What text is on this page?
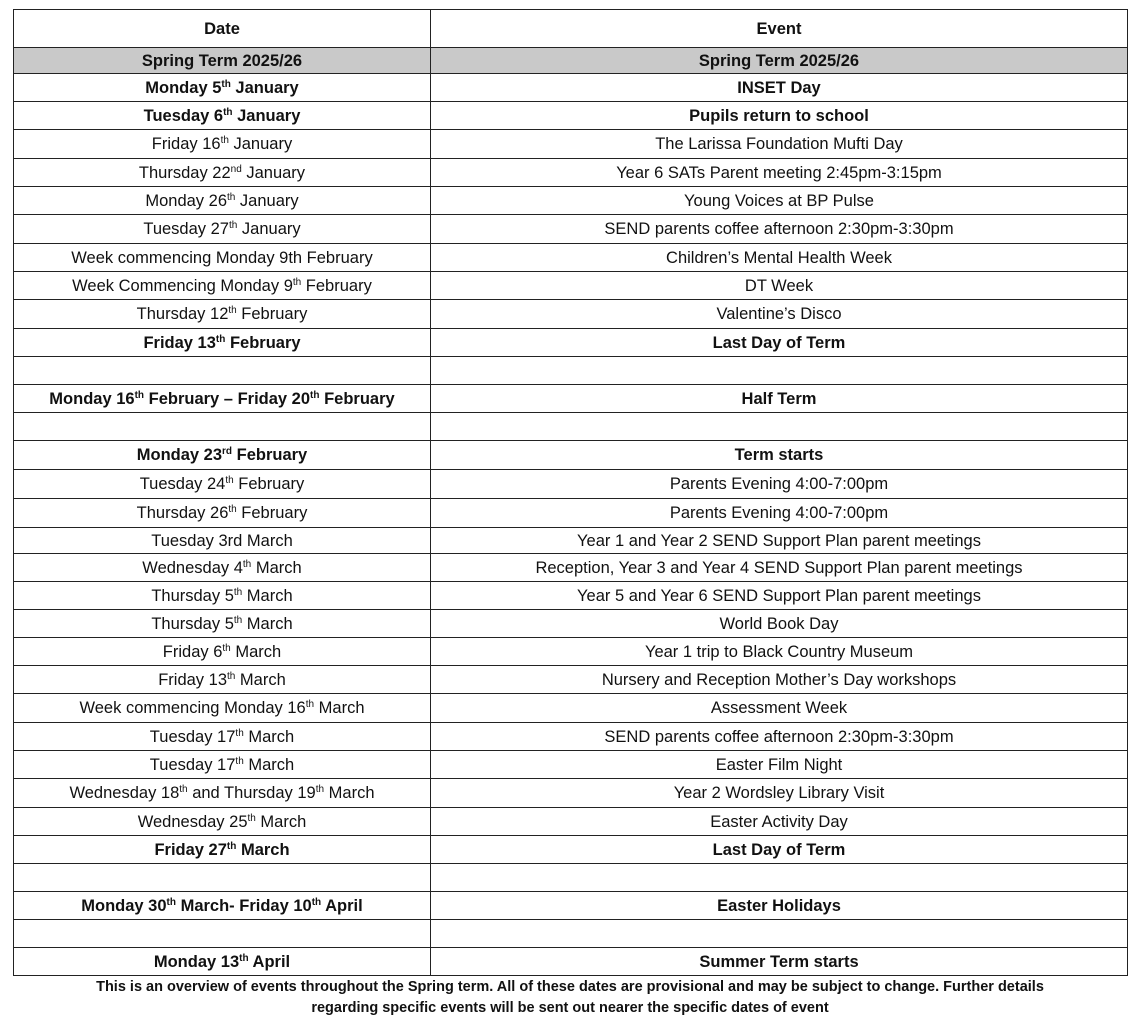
Date	Event
Spring Term 2025/26	Spring Term 2025/26
Monday 5th January	INSET Day
Tuesday 6th January	Pupils return to school
Friday 16th January	The Larissa Foundation Mufti Day
Thursday 22nd January	Year 6 SATs Parent meeting 2:45pm-3:15pm
Monday 26th January	Young Voices at BP Pulse
Tuesday 27th January	SEND parents coffee afternoon 2:30pm-3:30pm
Week commencing Monday 9th February	Children’s Mental Health Week
Week Commencing Monday 9th February	DT Week
Thursday 12th February	Valentine’s Disco
Friday 13th February	Last Day of Term

Monday 16th February – Friday 20th February	Half Term

Monday 23rd February	Term starts
Tuesday 24th February	Parents Evening 4:00-7:00pm
Thursday 26th February	Parents Evening 4:00-7:00pm
Tuesday 3rd March	Year 1 and Year 2 SEND Support Plan parent meetings
Wednesday 4th March	Reception, Year 3 and Year 4 SEND Support Plan parent meetings
Thursday 5th March	Year 5 and Year 6 SEND Support Plan parent meetings
Thursday 5th March	World Book Day
Friday 6th March	Year 1 trip to Black Country Museum
Friday 13th March	Nursery and Reception Mother’s Day workshops
Week commencing Monday 16th March	Assessment Week
Tuesday 17th March	SEND parents coffee afternoon 2:30pm-3:30pm
Tuesday 17th March	Easter Film Night
Wednesday 18th and Thursday 19th March	Year 2 Wordsley Library Visit
Wednesday 25th March	Easter Activity Day
Friday 27th March	Last Day of Term

Monday 30th March- Friday 10th April	Easter Holidays

Monday 13th April	Summer Term starts
This is an overview of events throughout the Spring term. All of these dates are provisional and may be subject to change. Further details
regarding specific events will be sent out nearer the specific dates of event
